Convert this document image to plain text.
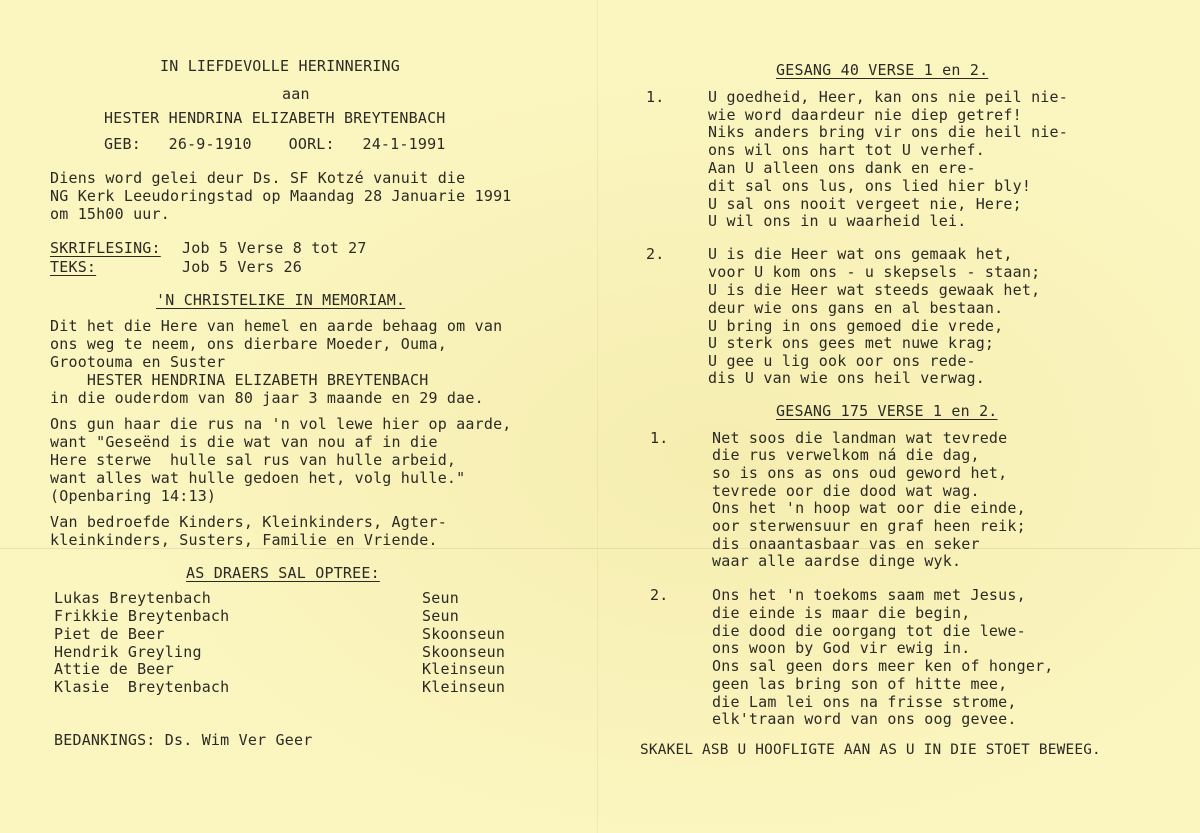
IN LIEFDEVOLLE HERINNERING
aan
HESTER HENDRINA ELIZABETH BREYTENBACH
GEB:   26-9-1910    OORL:   24-1-1991
Diens word gelei deur Ds. SF Kotzé vanuit die
NG Kerk Leeudoringstad op Maandag 28 Januarie 1991
om 15h00 uur.
SKRIFLESING: Job 5 Verse 8 tot 27
TEKS:	Job 5 Vers 26
'N CHRISTELIKE IN MEMORIAM.
Dit het die Here van hemel en aarde behaag om van
ons weg te neem, ons dierbare Moeder, Ouma,
Grootouma en Suster
HESTER HENDRINA ELIZABETH BREYTENBACH
in die ouderdom van 80 jaar 3 maande en 29 dae.
Ons gun haar die rus na 'n vol lewe hier op aarde,
want "Geseënd is die wat van nou af in die
Here sterwe  hulle sal rus van hulle arbeid,
want alles wat hulle gedoen het, volg hulle."
(Openbaring 14:13)
Van bedroefde Kinders, Kleinkinders, Agter-
kleinkinders, Susters, Familie en Vriende.
AS DRAERS SAL OPTREE:
Lukas Breytenbach	Seun
Frikkie Breytenbach	Seun
Piet de Beer	Skoonseun
Hendrik Greyling	Skoonseun
Attie de Beer	Kleinseun
Klasie  Breytenbach	Kleinseun
BEDANKINGS: Ds. Wim Ver Geer
GESANG 40 VERSE 1 en 2.
1.	U goedheid, Heer, kan ons nie peil nie-
wie word daardeur nie diep getref!
Niks anders bring vir ons die heil nie-
ons wil ons hart tot U verhef.
Aan U alleen ons dank en ere-
dit sal ons lus, ons lied hier bly!
U sal ons nooit vergeet nie, Here;
U wil ons in u waarheid lei.
2.	U is die Heer wat ons gemaak het,
voor U kom ons - u skepsels - staan;
U is die Heer wat steeds gewaak het,
deur wie ons gans en al bestaan.
U bring in ons gemoed die vrede,
U sterk ons gees met nuwe krag;
U gee u lig ook oor ons rede-
dis U van wie ons heil verwag.
GESANG 175 VERSE 1 en 2.
1.	Net soos die landman wat tevrede
die rus verwelkom ná die dag,
so is ons as ons oud geword het,
tevrede oor die dood wat wag.
Ons het 'n hoop wat oor die einde,
oor sterwensuur en graf heen reik;
dis onaantasbaar vas en seker
waar alle aardse dinge wyk.
2.	Ons het 'n toekoms saam met Jesus,
die einde is maar die begin,
die dood die oorgang tot die lewe-
ons woon by God vir ewig in.
Ons sal geen dors meer ken of honger,
geen las bring son of hitte mee,
die Lam lei ons na frisse strome,
elk'traan word van ons oog gevee.
SKAKEL ASB U HOOFLIGTE AAN AS U IN DIE STOET BEWEEG.
